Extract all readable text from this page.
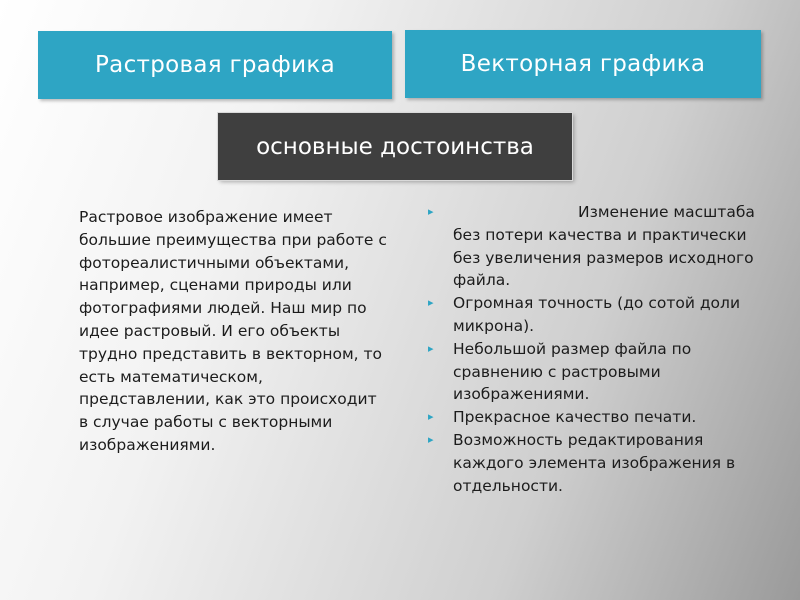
Растровая графика	Векторная графика
основные достоинства

Растровое изображение имеет большие преимущества при работе с фотореалистичными объектами, например, сценами природы или фотографиями людей. Наш мир по идее растровый. И его объекты трудно представить в векторном, то есть математическом, представлении, как это происходит в случае работы с векторными изображениями.

▸	Изменение масштаба без потери качества и практически без увеличения размеров исходного файла.
▸ Огромная точность (до сотой доли микрона).
▸ Небольшой размер файла по сравнению с растровыми изображениями.
▸ Прекрасное качество печати.
▸ Возможность редактирования каждого элемента изображения в отдельности.
